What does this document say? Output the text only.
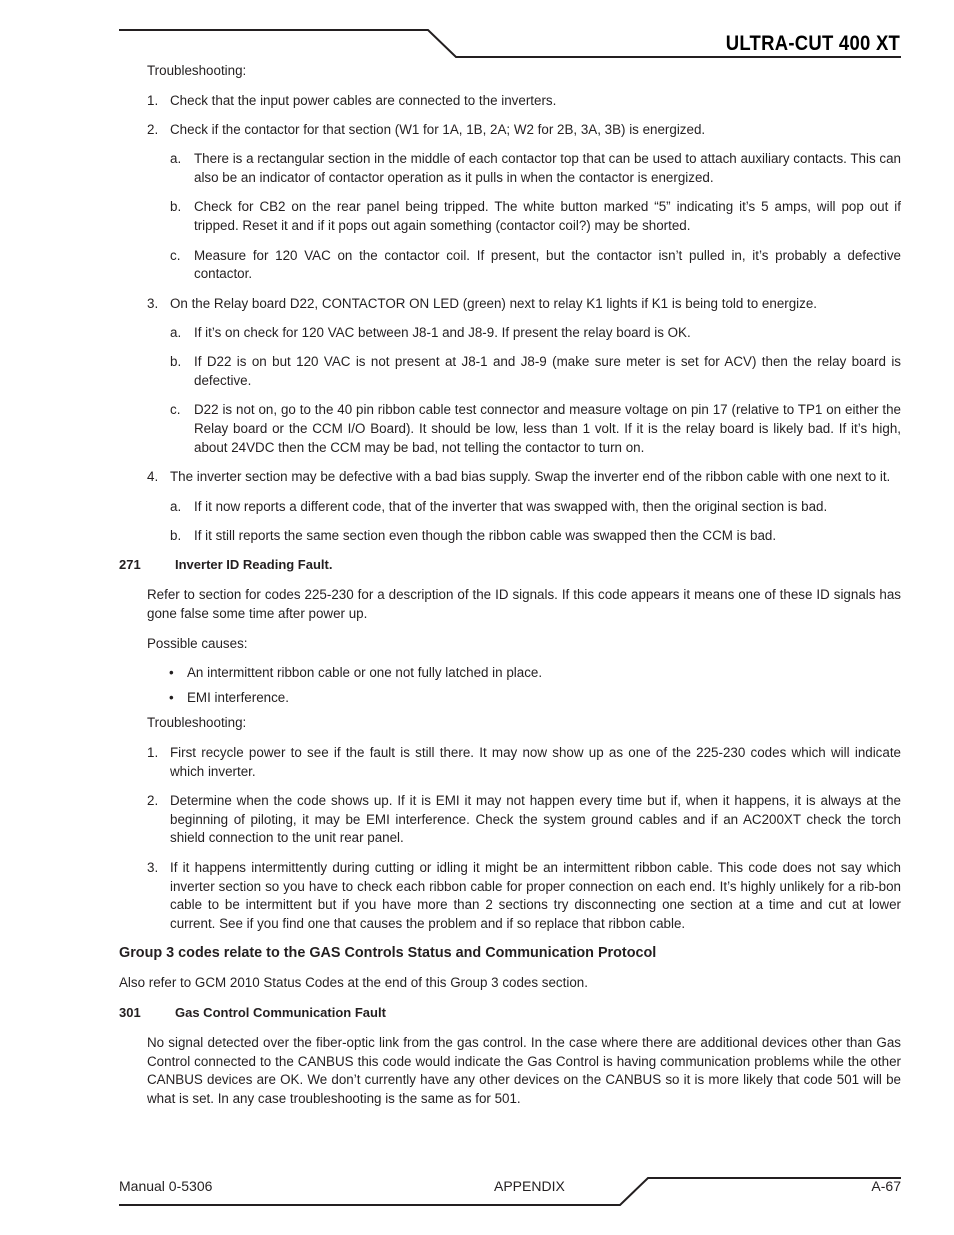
ULTRA-CUT 400 XT

Troubleshooting:

1. Check that the input power cables are connected to the inverters.

2. Check if the contactor for that section (W1 for 1A, 1B, 2A; W2 for 2B, 3A, 3B) is energized.

a. There is a rectangular section in the middle of each contactor top that can be used to attach auxiliary contacts. This can also be an indicator of contactor operation as it pulls in when the contactor is energized.

b. Check for CB2 on the rear panel being tripped. The white button marked “5” indicating it’s 5 amps, will pop out if tripped. Reset it and if it pops out again something (contactor coil?) may be shorted.

c. Measure for 120 VAC on the contactor coil. If present, but the contactor isn’t pulled in, it’s probably a defective contactor.

3. On the Relay board D22, CONTACTOR ON LED (green) next to relay K1 lights if K1 is being told to energize.

a. If it’s on check for 120 VAC between J8-1 and J8-9. If present the relay board is OK.

b. If D22 is on but 120 VAC is not present at J8-1 and J8-9 (make sure meter is set for ACV) then the relay board is defective.

c. D22 is not on, go to the 40 pin ribbon cable test connector and measure voltage on pin 17 (relative to TP1 on either the Relay board or the CCM I/O Board). It should be low, less than 1 volt. If it is the relay board is likely bad. If it’s high, about 24VDC then the CCM may be bad, not telling the contactor to turn on.

4. The inverter section may be defective with a bad bias supply. Swap the inverter end of the ribbon cable with one next to it.

a. If it now reports a different code, that of the inverter that was swapped with, then the original section is bad.

b. If it still reports the same section even though the ribbon cable was swapped then the CCM is bad.

271	Inverter ID Reading Fault.

Refer to section for codes 225-230 for a description of the ID signals. If this code appears it means one of these ID signals has gone false some time after power up.

Possible causes:

• An intermittent ribbon cable or one not fully latched in place.

• EMI interference.

Troubleshooting:

1. First recycle power to see if the fault is still there. It may now show up as one of the 225-230 codes which will indicate which inverter.

2. Determine when the code shows up. If it is EMI it may not happen every time but if, when it happens, it is always at the beginning of piloting, it may be EMI interference. Check the system ground cables and if an AC200XT check the torch shield connection to the unit rear panel.

3. If it happens intermittently during cutting or idling it might be an intermittent ribbon cable. This code does not say which inverter section so you have to check each ribbon cable for proper connection on each end. It’s highly unlikely for a rib-bon cable to be intermittent but if you have more than 2 sections try disconnecting one section at a time and cut at lower current. See if you find one that causes the problem and if so replace that ribbon cable.

Group 3 codes relate to the GAS Controls Status and Communication Protocol

Also refer to GCM 2010 Status Codes at the end of this Group 3 codes section.

301	Gas Control Communication Fault

No signal detected over the fiber-optic link from the gas control. In the case where there are additional devices other than Gas Control connected to the CANBUS this code would indicate the Gas Control is having communication problems while the other CANBUS devices are OK. We don’t currently have any other devices on the CANBUS so it is more likely that code 501 will be what is set. In any case troubleshooting is the same as for 501.

Manual 0-5306	APPENDIX	A-67
